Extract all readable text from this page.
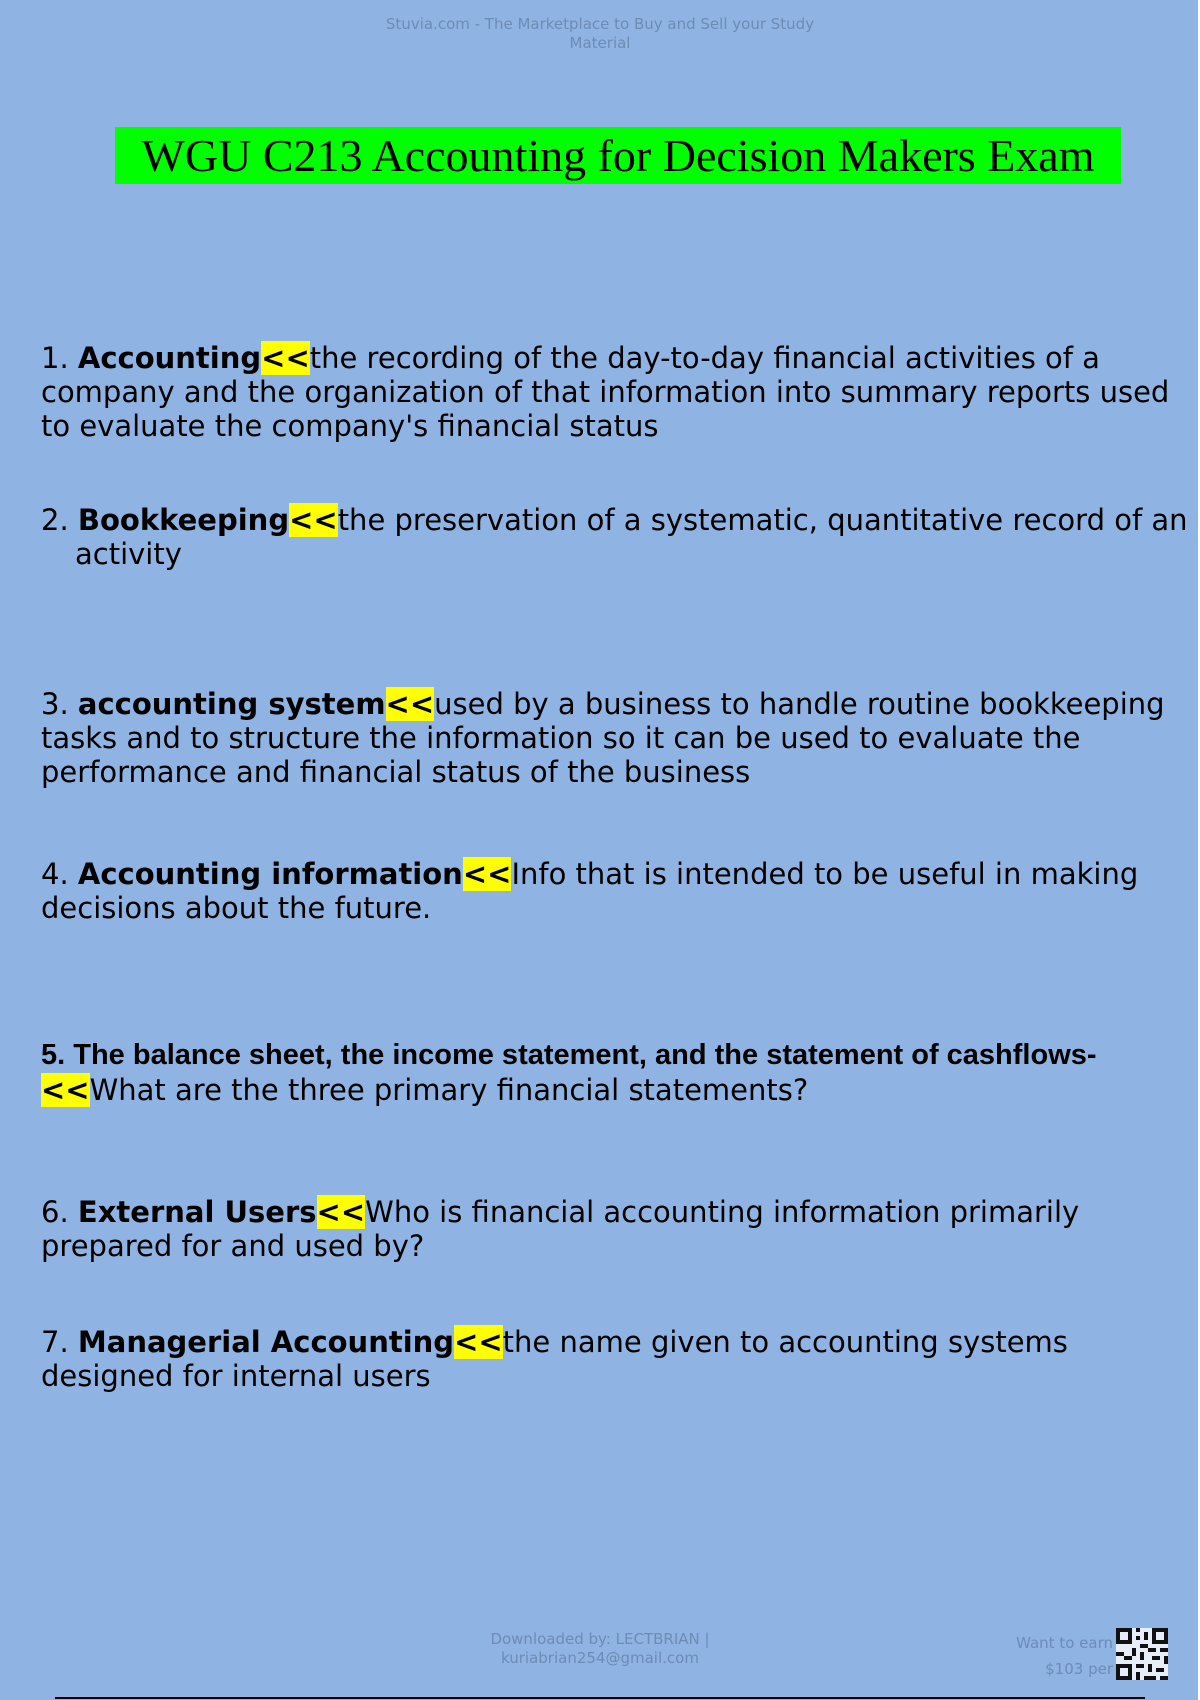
Stuvia.com - The Marketplace to Buy and Sell your Study
Material
WGU C213 Accounting for Decision Makers Exam

1. Accounting<<the recording of the day-to-day financial activities of a company and the organization of that information into summary reports used to evaluate the company's financial status

2. Bookkeeping<<the preservation of a systematic, quantitative record of an activity

3. accounting system<<used by a business to handle routine bookkeeping tasks and to structure the information so it can be used to evaluate the performance and financial status of the business

4. Accounting information<<Info that is intended to be useful in making decisions about the future.

5. The balance sheet, the income statement, and the statement of cashflows-
<<What are the three primary financial statements?

6. External Users<<Who is financial accounting information primarily prepared for and used by?

7. Managerial Accounting<<the name given to accounting systems designed for internal users

Downloaded by: LECTBRIAN |
kuriabrian254@gmail.com
Want to earn
$103 per
